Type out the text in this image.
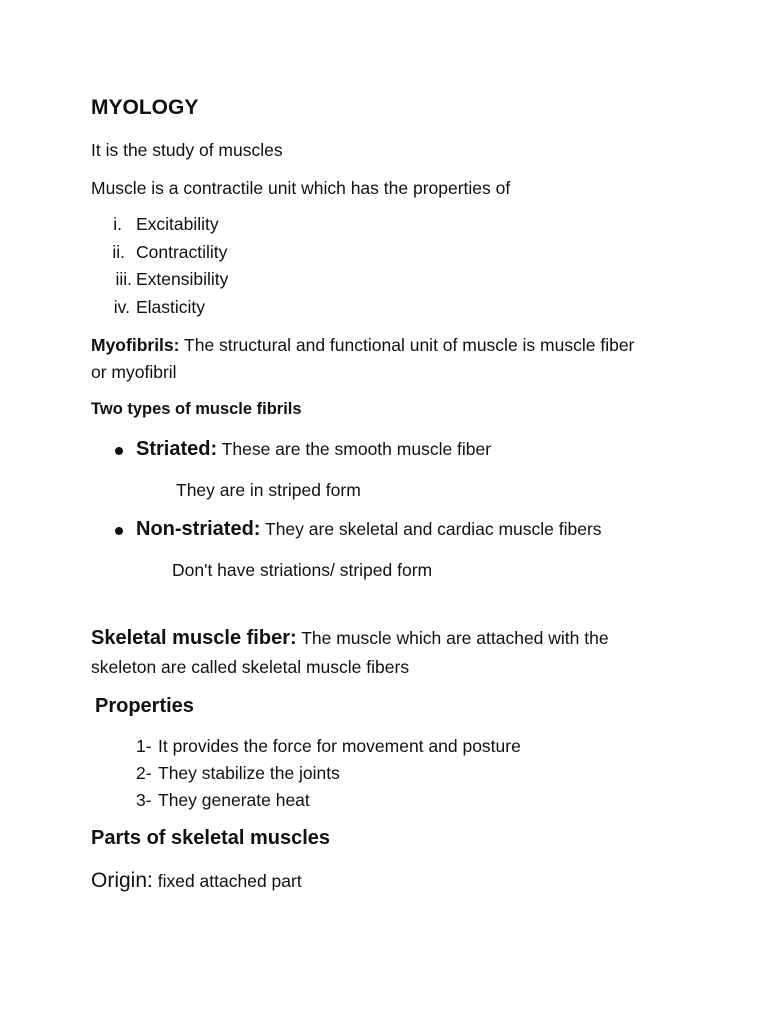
MYOLOGY
It is the study of muscles
Muscle is a contractile unit which has the properties of
i. Excitability
ii. Contractility
iii. Extensibility
iv. Elasticity
Myofibrils: The structural and functional unit of muscle is muscle fiber
or myofibril
Two types of muscle fibrils
Striated: These are the smooth muscle fiber
They are in striped form
Non-striated: They are skeletal and cardiac muscle fibers
Don't have striations/ striped form
Skeletal muscle fiber: The muscle which are attached with the
skeleton are called skeletal muscle fibers
Properties
1- It provides the force for movement and posture
2- They stabilize the joints
3- They generate heat
Parts of skeletal muscles
Origin: fixed attached part
